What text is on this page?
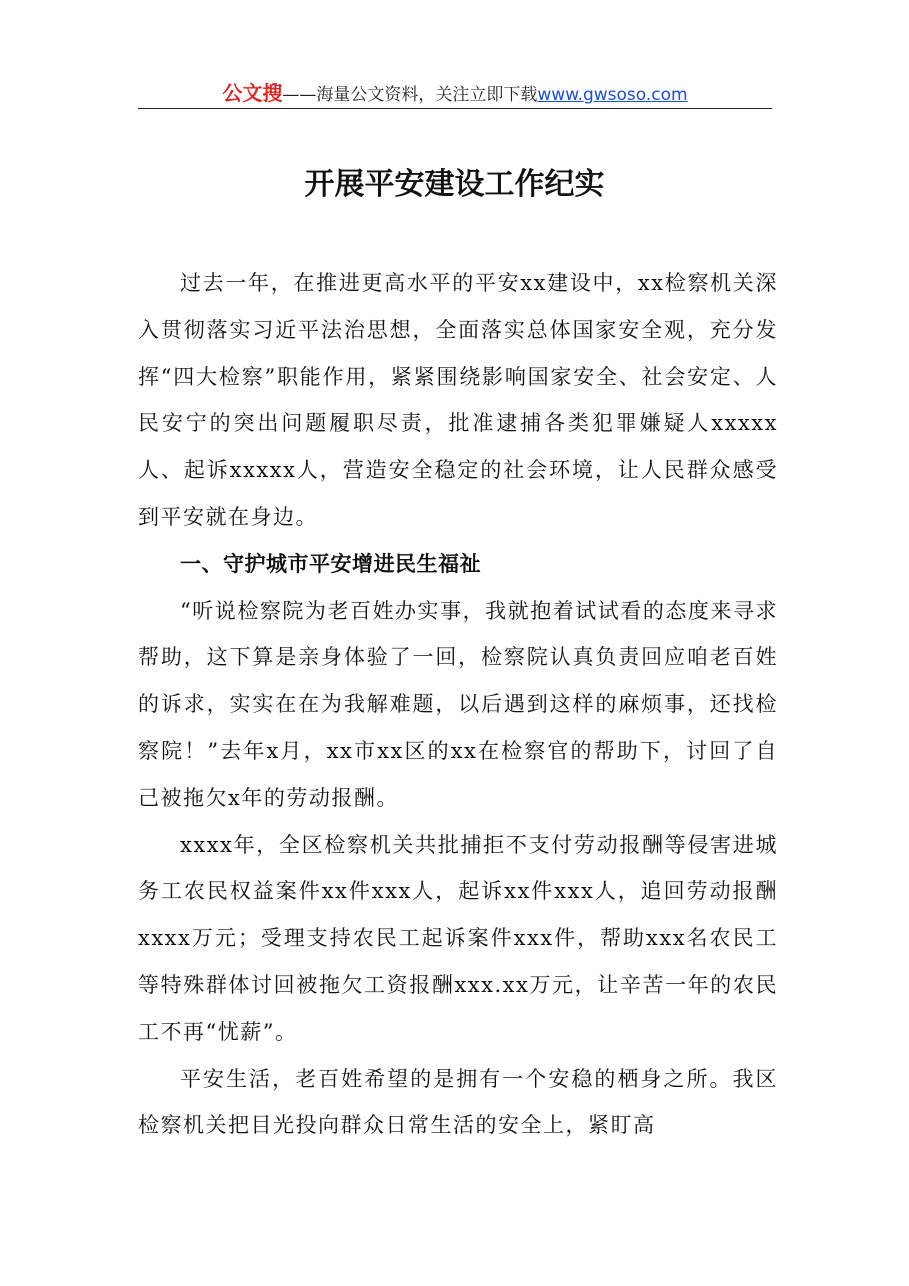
公文搜——海量公文资料，关注立即下载www.gwsoso.com
开展平安建设工作纪实

过去一年，在推进更高水平的平安xx建设中，xx检察机关深入贯彻落实习近平法治思想，全面落实总体国家安全观，充分发挥“四大检察”职能作用，紧紧围绕影响国家安全、社会安定、人民安宁的突出问题履职尽责，批准逮捕各类犯罪嫌疑人xxxxx人、起诉xxxxx人，营造安全稳定的社会环境，让人民群众感受到平安就在身边。

一、守护城市平安增进民生福祉

“听说检察院为老百姓办实事，我就抱着试试看的态度来寻求帮助，这下算是亲身体验了一回，检察院认真负责回应咱老百姓的诉求，实实在在为我解难题，以后遇到这样的麻烦事，还找检察院！”去年x月，xx市xx区的xx在检察官的帮助下，讨回了自己被拖欠x年的劳动报酬。

xxxx年，全区检察机关共批捕拒不支付劳动报酬等侵害进城务工农民权益案件xx件xxx人，起诉xx件xxx人，追回劳动报酬xxxx万元；受理支持农民工起诉案件xxx件，帮助xxx名农民工等特殊群体讨回被拖欠工资报酬xxx.xx万元，让辛苦一年的农民工不再“忧薪”。

平安生活，老百姓希望的是拥有一个安稳的栖身之所。我区检察机关把目光投向群众日常生活的安全上，紧盯高
